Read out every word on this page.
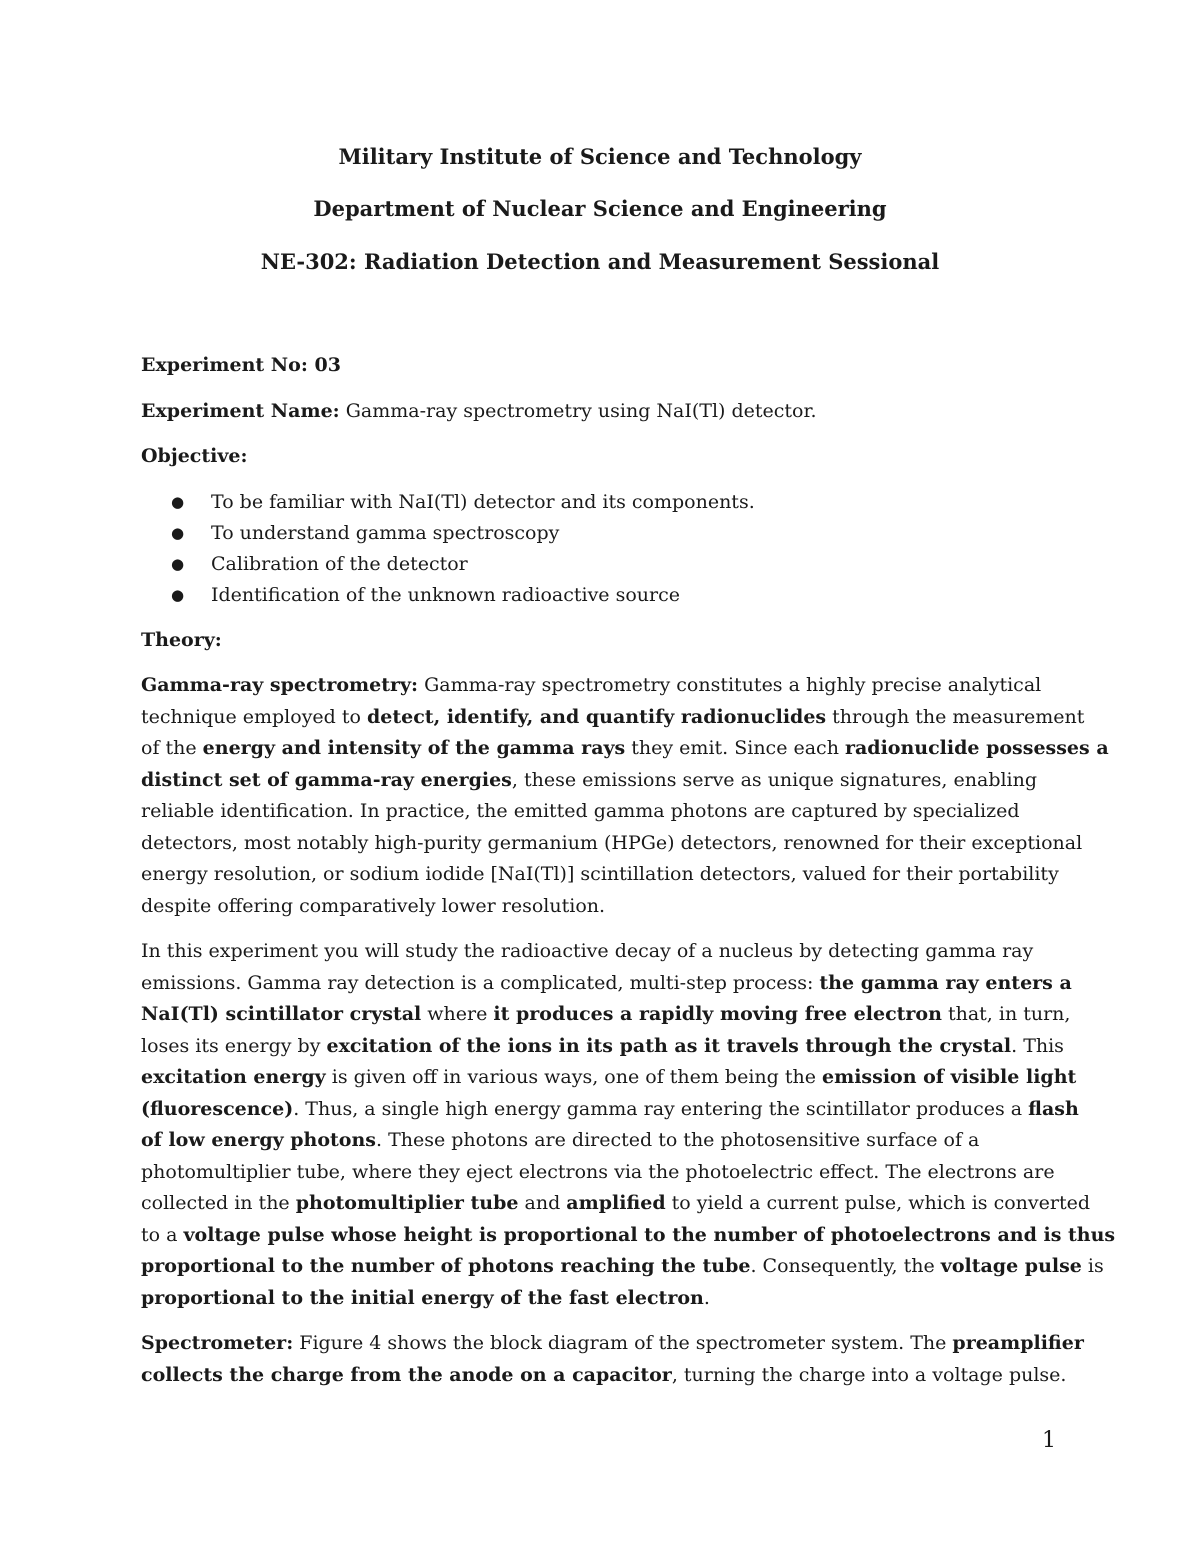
Military Institute of Science and Technology

Department of Nuclear Science and Engineering

NE-302: Radiation Detection and Measurement Sessional

Experiment No: 03

Experiment Name: Gamma-ray spectrometry using NaI(Tl) detector.

Objective:

● To be familiar with NaI(Tl) detector and its components.
● To understand gamma spectroscopy
● Calibration of the detector
● Identification of the unknown radioactive source

Theory:

Gamma-ray spectrometry: Gamma-ray spectrometry constitutes a highly precise analytical
technique employed to detect, identify, and quantify radionuclides through the measurement
of the energy and intensity of the gamma rays they emit. Since each radionuclide possesses a
distinct set of gamma-ray energies, these emissions serve as unique signatures, enabling
reliable identification. In practice, the emitted gamma photons are captured by specialized
detectors, most notably high-purity germanium (HPGe) detectors, renowned for their exceptional
energy resolution, or sodium iodide [NaI(Tl)] scintillation detectors, valued for their portability
despite offering comparatively lower resolution.

In this experiment you will study the radioactive decay of a nucleus by detecting gamma ray
emissions. Gamma ray detection is a complicated, multi-step process: the gamma ray enters a
NaI(Tl) scintillator crystal where it produces a rapidly moving free electron that, in turn,
loses its energy by excitation of the ions in its path as it travels through the crystal. This
excitation energy is given off in various ways, one of them being the emission of visible light
(fluorescence). Thus, a single high energy gamma ray entering the scintillator produces a flash
of low energy photons. These photons are directed to the photosensitive surface of a
photomultiplier tube, where they eject electrons via the photoelectric effect. The electrons are
collected in the photomultiplier tube and amplified to yield a current pulse, which is converted
to a voltage pulse whose height is proportional to the number of photoelectrons and is thus
proportional to the number of photons reaching the tube. Consequently, the voltage pulse is
proportional to the initial energy of the fast electron.

Spectrometer: Figure 4 shows the block diagram of the spectrometer system. The preamplifier
collects the charge from the anode on a capacitor, turning the charge into a voltage pulse.

1
